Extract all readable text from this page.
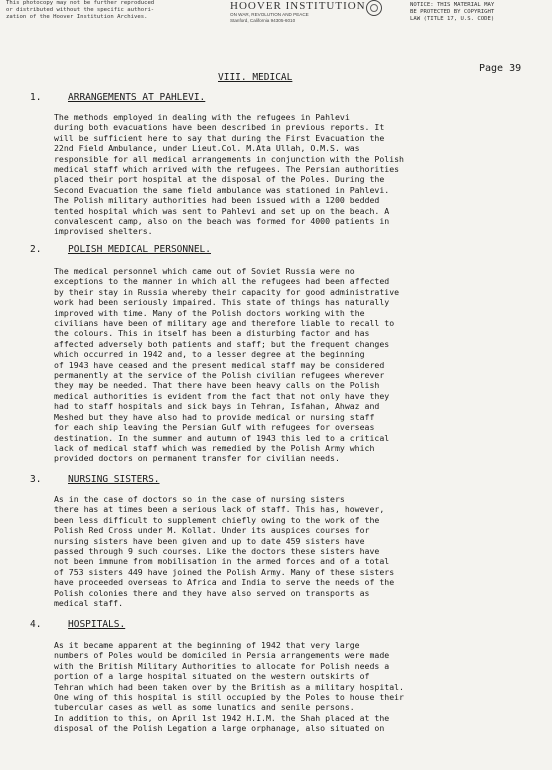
This photocopy may not be further reproduced
or distributed without the specific authori-
zation of the Hoover Institution Archives.
HOOVER INSTITUTION
ON WAR, REVOLUTION AND PEACE
Stanford, California 94305-6010
NOTICE: THIS MATERIAL MAY
BE PROTECTED BY COPYRIGHT
LAW (TITLE 17, U.S. CODE)
Page 39
VIII. MEDICAL
1.	ARRANGEMENTS AT PAHLEVI.
The methods employed in dealing with the refugees in Pahlevi
during both evacuations have been described in previous reports. It
will be sufficient here to say that during the First Evacuation the
22nd Field Ambulance, under Lieut.Col. M.Ata Ullah, O.M.S. was
responsible for all medical arrangements in conjunction with the Polish
medical staff which arrived with the refugees. The Persian authorities
placed their port hospital at the disposal of the Poles. During the
Second Evacuation the same field ambulance was stationed in Pahlevi.
The Polish military authorities had been issued with a 1200 bedded
tented hospital which was sent to Pahlevi and set up on the beach. A
convalescent camp, also on the beach was formed for 4000 patients in
improvised shelters.
2.	POLISH MEDICAL PERSONNEL.
The medical personnel which came out of Soviet Russia were no
exceptions to the manner in which all the refugees had been affected
by their stay in Russia whereby their capacity for good administrative
work had been seriously impaired. This state of things has naturally
improved with time. Many of the Polish doctors working with the
civilians have been of military age and therefore liable to recall to
the colours. This in itself has been a disturbing factor and has
affected adversely both patients and staff; but the frequent changes
which occurred in 1942 and, to a lesser degree at the beginning
of 1943 have ceased and the present medical staff may be considered
permanently at the service of the Polish civilian refugees wherever
they may be needed. That there have been heavy calls on the Polish
medical authorities is evident from the fact that not only have they
had to staff hospitals and sick bays in Tehran, Isfahan, Ahwaz and
Meshed but they have also had to provide medical or nursing staff
for each ship leaving the Persian Gulf with refugees for overseas
destination. In the summer and autumn of 1943 this led to a critical
lack of medical staff which was remedied by the Polish Army which
provided doctors on permanent transfer for civilian needs.
3.	NURSING SISTERS.
As in the case of doctors so in the case of nursing sisters
there has at times been a serious lack of staff. This has, however,
been less difficult to supplement chiefly owing to the work of the
Polish Red Cross under M. Kollat. Under its auspices courses for
nursing sisters have been given and up to date 459 sisters have
passed through 9 such courses. Like the doctors these sisters have
not been immune from mobilisation in the armed forces and of a total
of 753 sisters 449 have joined the Polish Army. Many of these sisters
have proceeded overseas to Africa and India to serve the needs of the
Polish colonies there and they have also served on transports as
medical staff.
4.	HOSPITALS.
As it became apparent at the beginning of 1942 that very large
numbers of Poles would be domiciled in Persia arrangements were made
with the British Military Authorities to allocate for Polish needs a
portion of a large hospital situated on the western outskirts of
Tehran which had been taken over by the British as a military hospital.
One wing of this hospital is still occupied by the Poles to house their
tubercular cases as well as some lunatics and senile persons.
In addition to this, on April 1st 1942 H.I.M. the Shah placed at the
disposal of the Polish Legation a large orphanage, also situated on
